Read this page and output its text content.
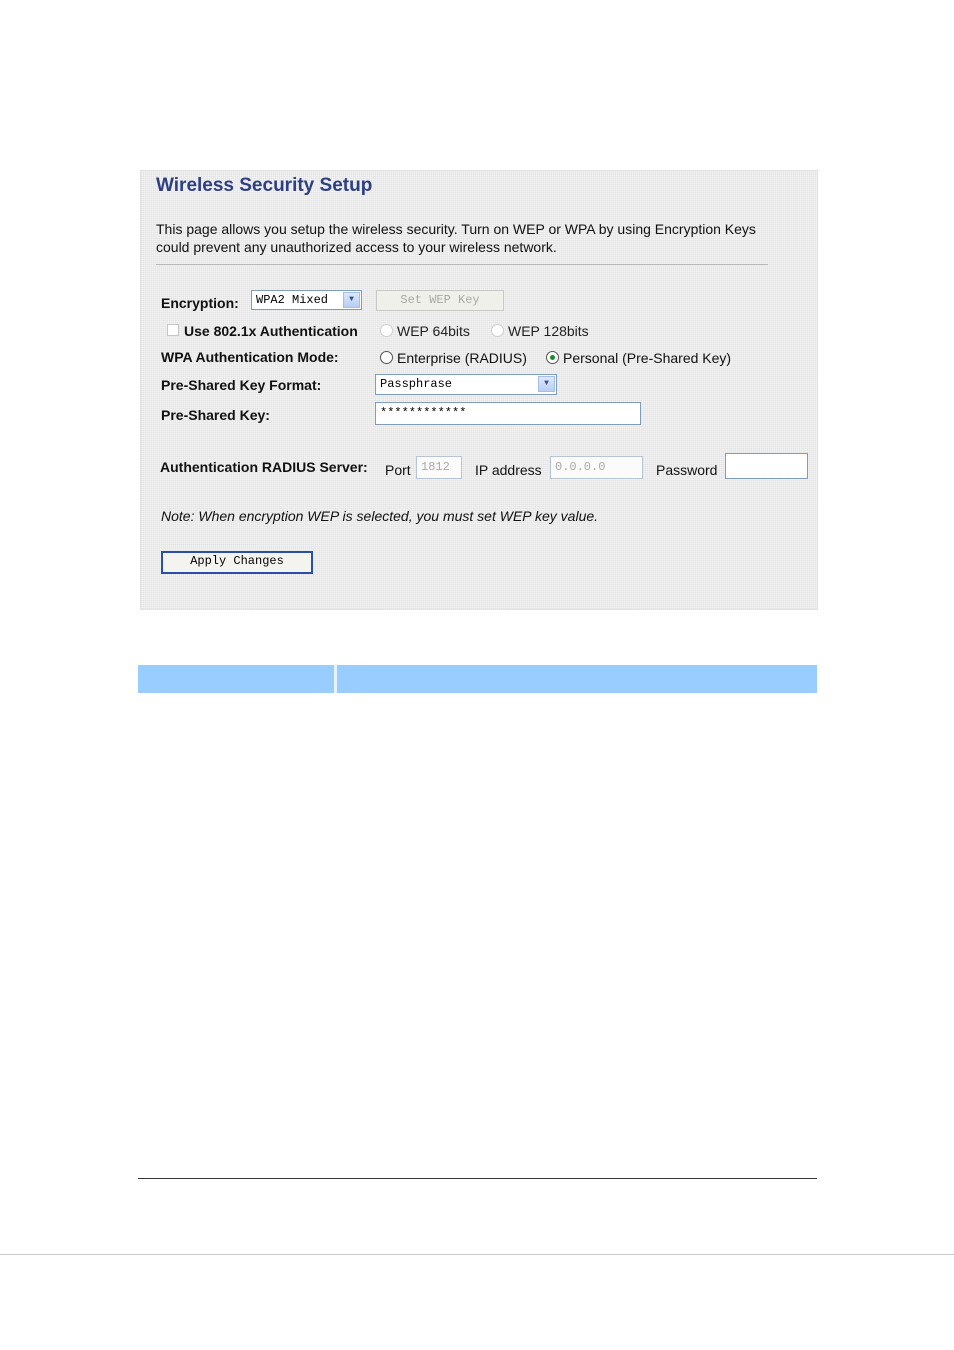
Wireless Security Setup
This page allows you setup the wireless security. Turn on WEP or WPA by using Encryption Keys could prevent any unauthorized access to your wireless network.
Encryption:	WPA2 Mixed	▼	Set WEP Key
Use 802.1x Authentication	WEP 64bits	WEP 128bits
WPA Authentication Mode:	Enterprise (RADIUS)	Personal (Pre-Shared Key)
Pre-Shared Key Format:	Passphrase	▼
Pre-Shared Key:	************
Authentication RADIUS Server: Port 1812	IP address	0.0.0.0	Password
Note: When encryption WEP is selected, you must set WEP key value.
Apply Changes
